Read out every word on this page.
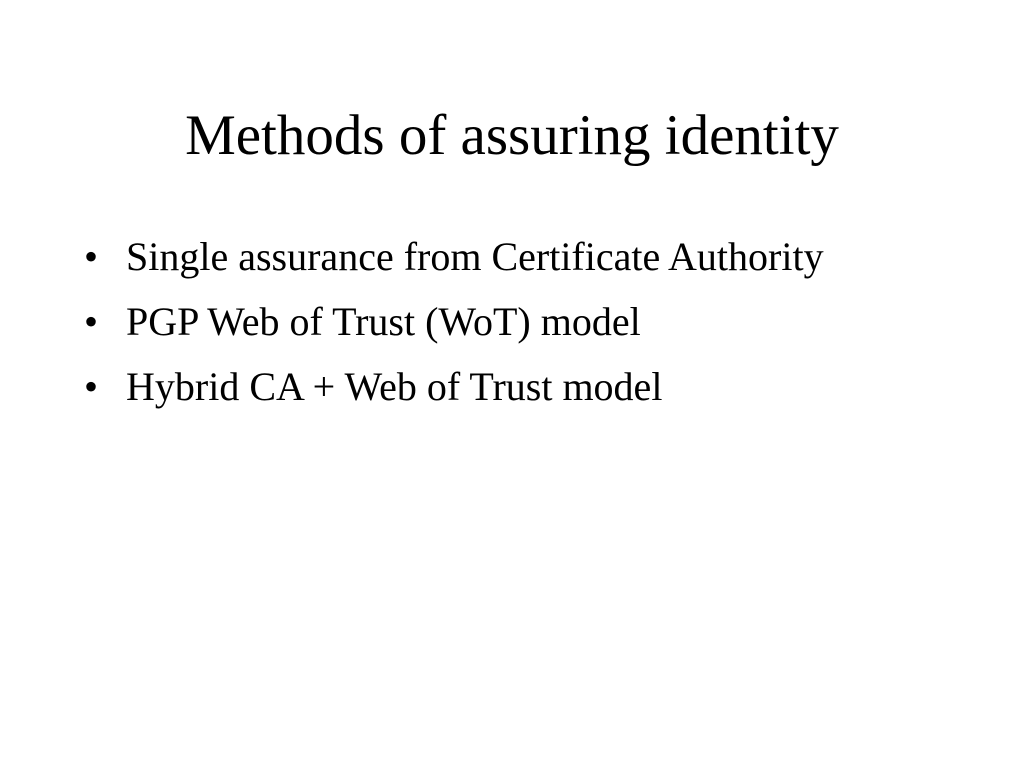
Methods of assuring identity
• Single assurance from Certificate Authority
• PGP Web of Trust (WoT) model
• Hybrid CA + Web of Trust model
